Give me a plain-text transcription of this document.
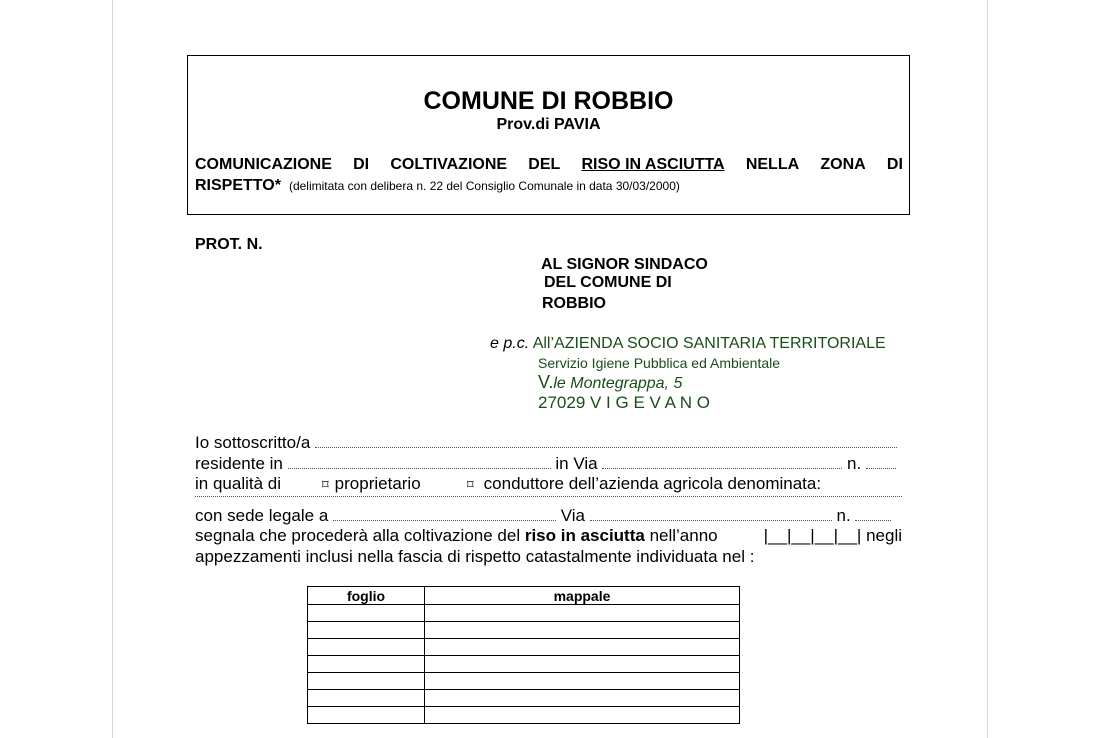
COMUNE DI ROBBIO
Prov.di PAVIA
COMUNICAZIONE DI COLTIVAZIONE DEL RISO IN ASCIUTTA NELLA ZONA DI
RISPETTO* (delimitata con delibera n. 22 del Consiglio Comunale in data 30/03/2000)
PROT. N.
AL SIGNOR SINDACO
DEL COMUNE DI
ROBBIO
e p.c. All’AZIENDA SOCIO SANITARIA TERRITORIALE
Servizio Igiene Pubblica ed Ambientale
V.le Montegrappa, 5
27029 V I G E V A N O
Io sottoscritto/a
residente in	in Via	n.
in qualità di	⌑ proprietario	⌑ conduttore dell’azienda agricola denominata:
con sede legale a	Via	n.
segnala che procederà alla coltivazione del riso in asciutta nell’anno	|__|__|__|__| negli
appezzamenti inclusi nella fascia di rispetto catastalmente individuata nel :
foglio	mappale
